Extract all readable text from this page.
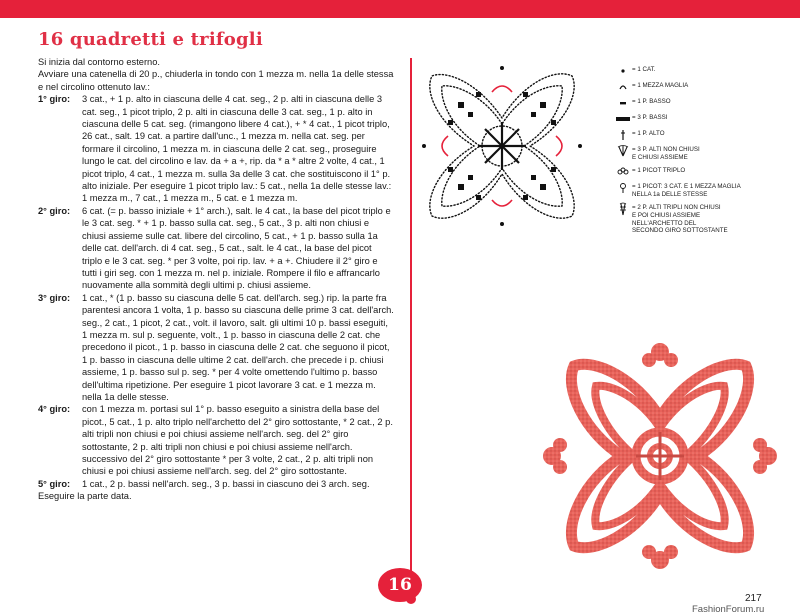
16 quadretti e trifogli

Si inizia dal contorno esterno.

Avviare una catenella di 20 p., chiuderla in tondo con 1 mezza m. nella 1a delle stessa e nel circolino ottenuto lav.:

1° giro:	3 cat., + 1 p. alto in ciascuna delle 4 cat. seg., 2 p. alti in ciascuna delle 3 cat. seg., 1 picot triplo, 2 p. alti in ciascuna delle 3 cat. seg., 1 p. alto in ciascuna delle 5 cat. seg. (rimangono libere 4 cat.), + * 4 cat., 1 picot triplo, 26 cat., salt. 19 cat. a partire dall'unc., 1 mezza m. nella cat. seg. per formare il circolino, 1 mezza m. in ciascuna delle 2 cat. seg., proseguire lungo le cat. del circolino e lav. da + a +, rip. da * a * altre 2 volte, 4 cat., 1 picot triplo, 4 cat., 1 mezza m. sulla 3a delle 3 cat. che sostituiscono il 1° p. alto iniziale. Per eseguire 1 picot triplo lav.: 5 cat., nella 1a delle stesse lav.: 1 mezza m., 7 cat., 1 mezza m., 5 cat. e 1 mezza m.
2° giro:	6 cat. (= p. basso iniziale + 1° arch.), salt. le 4 cat., la base del picot triplo e le 3 cat. seg. * + 1 p. basso sulla cat. seg., 5 cat., 3 p. alti non chiusi e chiusi assieme sulle cat. libere del circolino, 5 cat., + 1 p. basso sulla 1a delle cat. dell'arch. di 4 cat. seg., 5 cat., salt. le 4 cat., la base del picot triplo e le 3 cat. seg. * per 3 volte, poi rip. lav. + a +. Chiudere il 2° giro e tutti i giri seg. con 1 mezza m. nel p. iniziale. Rompere il filo e affrancarlo nuovamente alla sommità degli ultimi p. chiusi assieme.
3° giro:	1 cat., * (1 p. basso su ciascuna delle 5 cat. dell'arch. seg.) rip. la parte fra parentesi ancora 1 volta, 1 p. basso su ciascuna delle prime 3 cat. dell'arch. seg., 2 cat., 1 picot, 2 cat., volt. il lavoro, salt. gli ultimi 10 p. bassi eseguiti, 1 mezza m. sul p. seguente, volt., 1 p. basso in ciascuna delle 2 cat. che precedono il picot., 1 p. basso in ciascuna delle 2 cat. che seguono il picot, 1 p. basso in ciascuna delle ultime 2 cat. dell'arch. che precede i p. chiusi assieme, 1 p. basso sul p. seg. * per 4 volte omettendo l'ultimo p. basso dell'ultima ripetizione. Per eseguire 1 picot lavorare 3 cat. e 1 mezza m. nella 1a delle stesse.
4° giro:	con 1 mezza m. portasi sul 1° p. basso eseguito a sinistra della base del picot., 5 cat., 1 p. alto triplo nell'archetto del 2° giro sottostante, * 2 cat., 2 p. alti tripli non chiusi e poi chiusi assieme nell'arch. seg. del 2° giro sottostante, 2 p. alti tripli non chiusi e poi chiusi assieme nell'arch. successivo del 2° giro sottostante * per 3 volte, 2 cat., 2 p. alti tripli non chiusi e poi chiusi assieme nell'arch. seg. del 2° giro sottostante.
5° giro:	1 cat., 2 p. bassi nell'arch. seg., 3 p. bassi in ciascuno dei 3 arch. seg.

Eseguire la parte data.

= 1 CAT.
= 1 MEZZA MAGLIA
= 1 P. BASSO
= 3 P. BASSI
= 1 P. ALTO
= 3 P. ALTI NON CHIUSI
E CHIUSI ASSIEME
= 1 PICOT TRIPLO
= 1 PICOT: 3 CAT. E 1 MEZZA MAGLIA
NELLA 1a DELLE STESSE
= 2 P. ALTI TRIPLI NON CHIUSI
E POI CHIUSI ASSIEME
NELL'ARCHETTO DEL
SECONDO GIRO SOTTOSTANTE
16
217
FashionForum.ru
